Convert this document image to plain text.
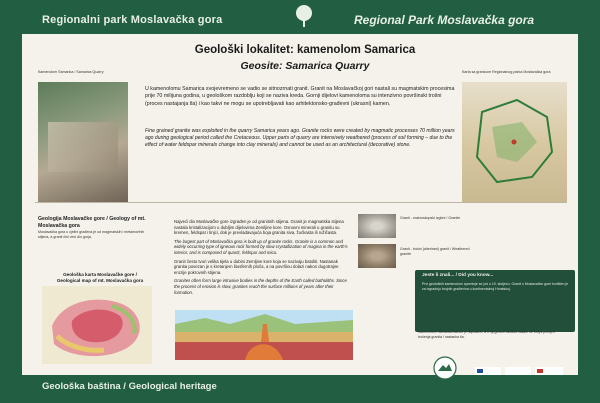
Regionalni park Moslavačka gora	Regional Park Moslavačka gora
Geološki lokalitet: kamenolom Samarica
Geosite: Samarica Quarry
Kamenolom Samarica / Samarica Quarry	Karta sa granicom Regionalnog parka Moslavačka gora
U kamenolomu Samarica svojevremeno se vadio se sitnozrnati granit. Granit na Moslavačkoj gori nastali su magmatskim procesima prije 70 milijuna godina, u geološkom razdoblju koji se naziva kreda. Gornji dijelovi kamenoloma su intenzivno površinski trošni (proces nastajanja tla) i kao takvi ne mogu se upotrebljavati kao arhitektonsko-građevni (ukrasni) kamen.
Fine grained granite was exploited in the quarry Samarica years ago. Granite rocks were created by magmatic processes 70 million years ago during geological period called the Cretaceous. Upper parts of quarry are intensively weathered (process of soil forming – due to the effect of water feldspar minerals change into clay minerals) and cannot be used as an architectural (decorative) stone.
Geologija Moslavačke gore / Geology of mt. Moslavačka gora
Moslavačka gora u cjelini građena je od magmatskih i metamorfnih stijena, a granit čini veći dio gorja.
Geološka karta Moslavačke gore / Geological map of mt. Moslavačka gora
Najveći dio Moslavačke gore izgrađen je od granitnih stijena. Granit je magmatska stijena nastala kristalizacijom u dubljim dijelovima Zemljine kore. Osnovni minerali u granitu su kremen, feldspat i tinjci, dok je prevladavajuća boja granita siva, žućkasta ili ružičasta.
The largest part of Moslavačka gora is built up of granite rocks. Granite is a common and widely occurring type of igneous rock formed by slow crystallization of magma in the earth's interior, and is composed of quartz, feldspar and mica.
Granit često tvori velika tijela u dubini Zemljine kore koja se nazivaju batoliti. Nastanak granita povezan je s kretanjem litosfernih ploča, a na površinu dolazi nakon dugotrajne erozije pokrovnih stijena.
Granites often form large intrusive bodies in the depths of the Earth called batholiths. Since the process of erosion is slow, granites reach the surface millions of years after their formation.
Granit - makroskopski izgled / Granite
Granit - trošni (alterirani) granit / Weathered granite
Jeste li znali... / Did you know...
Prvi geoloških kamenolom spominje se još u 19. stoljeću. Granit s Moslavačke gore korišten je za izgradnju brojnih građevina u kontinentalnoj Hrvatskoj.
Kamenolom Samarica danas je napušten, a u njegovom okolišu nalaze se brojni primjeri trošenja granita i nastanka tla.
Geološka baština / Geological heritage
